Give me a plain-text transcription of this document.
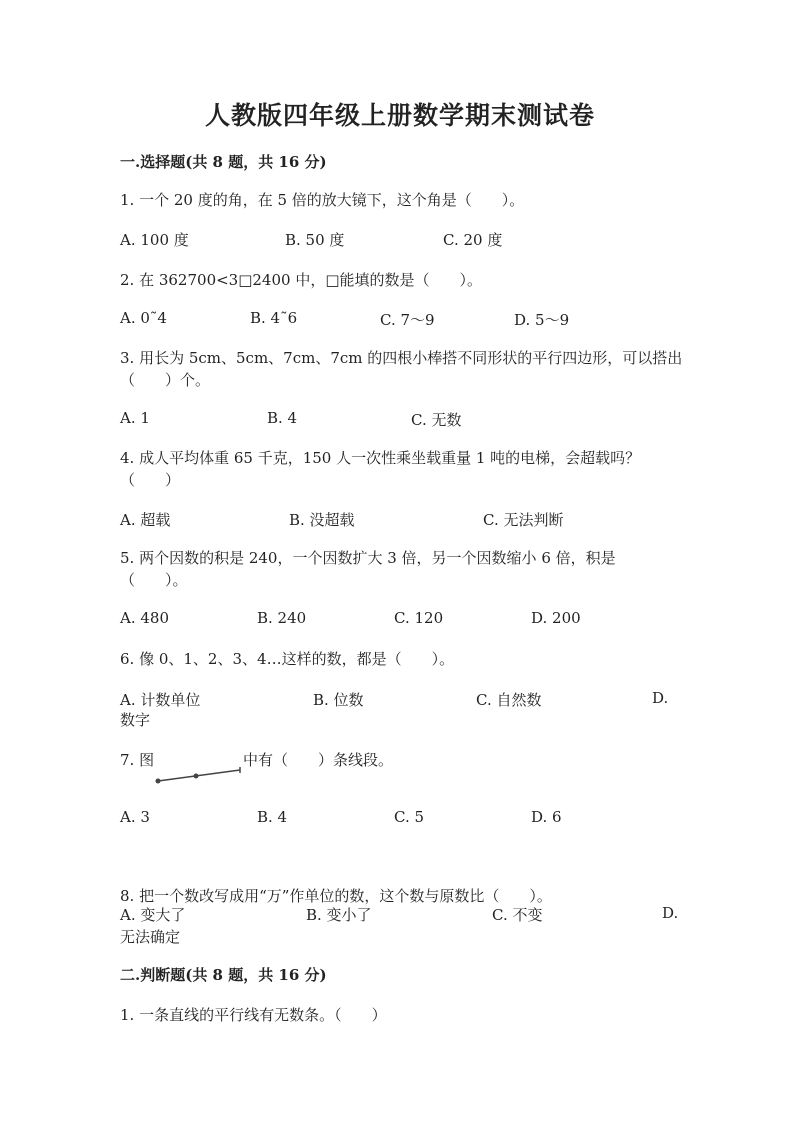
人教版四年级上册数学期末测试卷
一.选择题(共 8 题，共 16 分)
1. 一个 20 度的角，在 5 倍的放大镜下，这个角是（　　）。
A. 100 度	B. 50 度	C. 20 度
2. 在 362700<3□2400 中，□能填的数是（　　）。
A. 0˜4	B. 4˜6	C. 7～9	D. 5～9
3. 用长为 5cm、5cm、7cm、7cm 的四根小棒搭不同形状的平行四边形，可以搭出
（　　）个。
A. 1	B. 4	C. 无数
4. 成人平均体重 65 千克，150 人一次性乘坐载重量 1 吨的电梯，会超载吗？
（　　）
A. 超载	B. 没超载	C. 无法判断
5. 两个因数的积是 240，一个因数扩大 3 倍，另一个因数缩小 6 倍，积是
（　　）。
A. 480	B. 240	C. 120	D. 200
6. 像 0、1、2、3、4…这样的数，都是（　　）。
A. 计数单位	B. 位数	C. 自然数	D.
数字
7. 图	中有（　　）条线段。
A. 3	B. 4	C. 5	D. 6
8. 把一个数改写成用“万”作单位的数，这个数与原数比（　　）。
A. 变大了	B. 变小了	C. 不变	D.
无法确定
二.判断题(共 8 题，共 16 分)
1. 一条直线的平行线有无数条。（　　）
